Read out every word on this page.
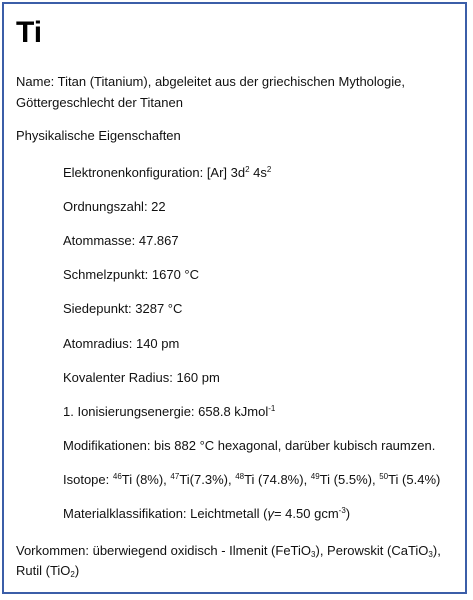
Ti
Name: Titan (Titanium), abgeleitet aus der griechischen Mythologie,
Göttergeschlecht der Titanen
Physikalische Eigenschaften
Elektronenkonfiguration: [Ar] $3d^2$ $4s^2$
Ordnungszahl: 22
Atommasse: 47.867
Schmelzpunkt: 1670 °C
Siedepunkt: 3287 °C
Atomradius: 140 pm
Kovalenter Radius: 160 pm
1. Ionisierungsenergie: 658.8 kJmol$^{-1}$
Modifikationen: bis 882 °C hexagonal, darüber kubisch raumzen.
Isotope: $^{46}$Ti (8%), $^{47}$Ti(7.3%), $^{48}$Ti (74.8%), $^{49}$Ti (5.5%), $^{50}$Ti (5.4%)
Materialklassifikation: Leichtmetall (γ= 4.50 gcm$^{-3}$)
Vorkommen: überwiegend oxidisch - Ilmenit (FeTiO$_3$), Perowskit (CaTiO$_3$),
Rutil (TiO$_2$)
